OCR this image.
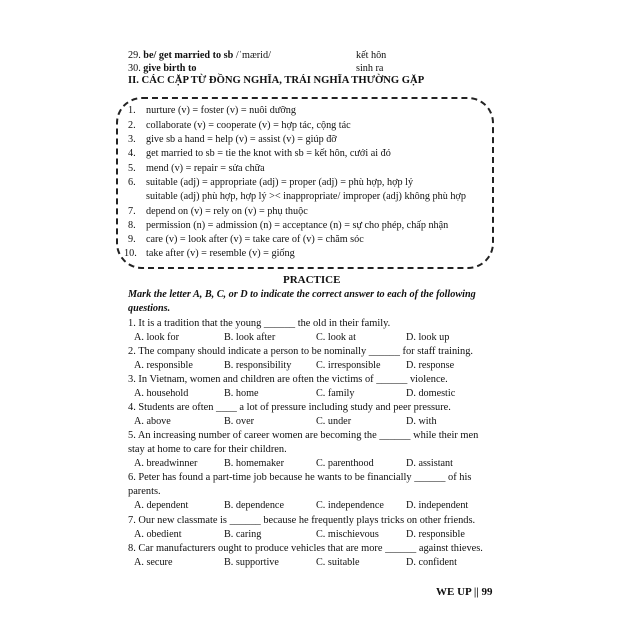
29. be/ get married to sb /ˈmærid/	kết hôn
30. give birth to	sinh ra
II. CÁC CẶP TỪ ĐỒNG NGHĨA, TRÁI NGHĨA THƯỜNG GẶP
1. nurture (v) = foster (v) = nuôi dưỡng
2. collaborate (v) = cooperate (v) = hợp tác, cộng tác
3. give sb a hand = help (v) = assist (v) = giúp đỡ
4. get married to sb = tie the knot with sb = kết hôn, cưới ai đó
5. mend (v) = repair = sửa chữa
6. suitable (adj) = appropriate (adj) = proper (adj) = phù hợp, hợp lý
suitable (adj) phù hợp, hợp lý >< inappropriate/ improper (adj) không phù hợp
7. depend on (v) = rely on (v) = phụ thuộc
8. permission (n) = admission (n) = acceptance (n) = sự cho phép, chấp nhận
9. care (v) = look after (v) = take care of (v) = chăm sóc
10. take after (v) = resemble (v) = giống
PRACTICE
Mark the letter A, B, C, or D to indicate the correct answer to each of the following
questions.
1. It is a tradition that the young ______ the old in their family.
A. look for	B. look after	C. look at	D. look up
2. The company should indicate a person to be nominally ______ for staff training.
A. responsible	B. responsibility C. irresponsible D. response
3. In Vietnam, women and children are often the victims of ______ violence.
A. household	B. home	C. family	D. domestic
4. Students are often ____ a lot of pressure including study and peer pressure.
A. above	B. over	C. under	D. with
5. An increasing number of career women are becoming the ______ while their men
stay at home to care for their children.
A. breadwinner	B. homemaker	C. parenthood	D. assistant
6. Peter has found a part-time job because he wants to be financially ______ of his
parents.
A. dependent	B. dependence	C. independence D. independent
7. Our new classmate is ______ because he frequently plays tricks on other friends.
A. obedient	B. caring	C. mischievous	D. responsible
8. Car manufacturers ought to produce vehicles that are more ______ against thieves.
A. secure	B. supportive	C. suitable	D. confident
WE UP || 99
